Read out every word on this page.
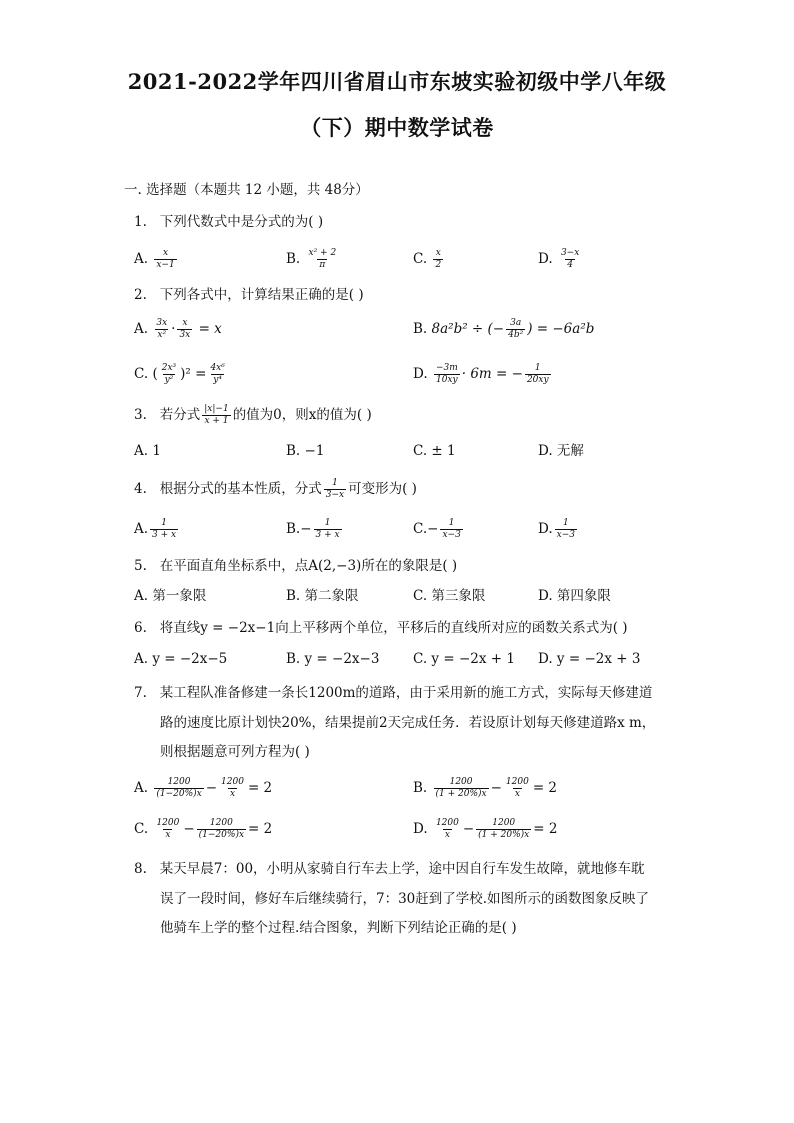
2021-2022学年四川省眉山市东坡实验初级中学八年级
（下）期中数学试卷
一. 选择题（本题共 12 小题，共 48分）
1. 下列代数式中是分式的为( )
A. $\frac{x}{x-1}$	B. $\frac{\text{x² + 2}}{\pi}$	C. $\frac{x}{2}$	D. $\frac{3-x}{4}$
2. 下列各式中，计算结果正确的是( )
A. $\frac{3x}{\text{x²}} \cdot \frac{x}{3x} = x$	B. 8a²b² ÷ (− $\frac{3a}{\text{4b²}}$ ) = −6a²b
C. ( $\frac{\text{2x³}}{\text{y²}} )^2 = \frac{\text{4x⁶}}{\text{y⁴}}$	D. $\frac{-3m}{10xy} \cdot 6m$ = − $\frac{1}{20xy}$
3. 若分式 $\frac{|x|-1}{x + 1}$ 的值为0，则x的值为( )
A. 1	B. −1	C. ± 1	D. 无解
4. 根据分式的基本性质，分式 $\frac{1}{3-x}$ 可变形为( )
A. $\frac{1}{3 + x}$	$B.- \frac{1}{3 + x}$	$C.- \frac{1}{x-3}$	D. $\frac{1}{x-3}$
5. 在平面直角坐标系中，点A(2,−3)所在的象限是( )
A. 第一象限	B. 第二象限	C. 第三象限	D. 第四象限
6. 将直线y = −2x−1向上平移两个单位，平移后的直线所对应的函数关系式为( )
A. y = −2x−5	B. y = −2x−3 C. y = −2x + 1 D. y = −2x + 3
7. 某工程队准备修建一条长1200m的道路，由于采用新的施工方式，实际每天修建道
路的速度比原计划快20%，结果提前2天完成任务．若设原计划每天修建道路x m，
则根据题意可列方程为( )
A. $\frac{1200}{(1-20\%)x} - \frac{1200}{x} = 2$	B. $\frac{1200}{(1 + 20\%)x} - \frac{1200}{x} = 2$
C. $\frac{1200}{x} - \frac{1200}{(1-20\%)x} = 2$	D. $\frac{1200}{x} - \frac{1200}{(1 + 20\%)x} = 2$
8. 某天早晨7：00，小明从家骑自行车去上学，途中因自行车发生故障，就地修车耽
误了一段时间，修好车后继续骑行，7：30赶到了学校.如图所示的函数图象反映了
他骑车上学的整个过程.结合图象，判断下列结论正确的是( )
